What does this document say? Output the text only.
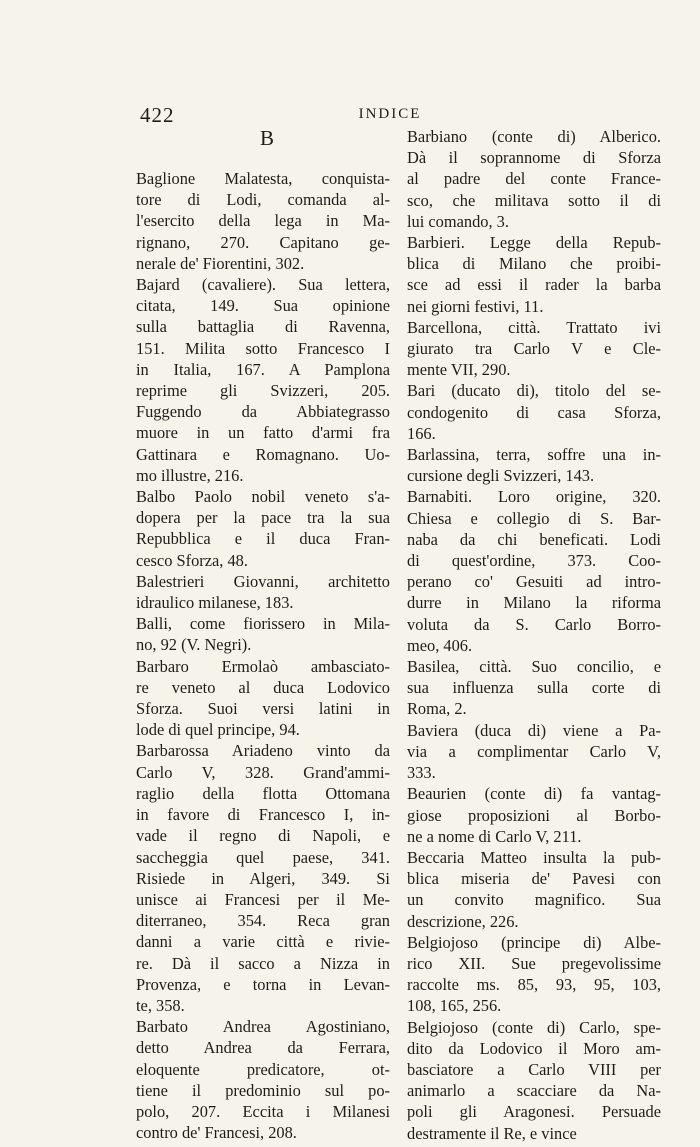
422	INDICE
B

Baglione Malatesta, conquista-
tore di Lodi, comanda al-
l'esercito della lega in Ma-
rignano, 270. Capitano ge-
nerale de' Fiorentini, 302.

Bajard (cavaliere). Sua lettera,
citata, 149. Sua opinione
sulla battaglia di Ravenna,
151. Milita sotto Francesco I
in Italia, 167. A Pamplona
reprime gli Svizzeri, 205.
Fuggendo da Abbiategrasso
muore in un fatto d'armi fra
Gattinara e Romagnano. Uo-
mo illustre, 216.

Balbo Paolo nobil veneto s'a-
dopera per la pace tra la sua
Repubblica e il duca Fran-
cesco Sforza, 48.

Balestrieri Giovanni, architetto
idraulico milanese, 183.

Balli, come fiorissero in Mila-
no, 92 (V. Negri).

Barbaro Ermolaò ambasciato-
re veneto al duca Lodovico
Sforza. Suoi versi latini in
lode di quel principe, 94.

Barbarossa Ariadeno vinto da
Carlo V, 328. Grand'ammi-
raglio della flotta Ottomana
in favore di Francesco I, in-
vade il regno di Napoli, e
saccheggia quel paese, 341.
Risiede in Algeri, 349. Si
unisce ai Francesi per il Me-
diterraneo, 354. Reca gran
danni a varie città e rivie-
re. Dà il sacco a Nizza in
Provenza, e torna in Levan-
te, 358.

Barbato Andrea Agostiniano,
detto Andrea da Ferrara,
eloquente predicatore, ot-
tiene il predominio sul po-
polo, 207. Eccita i Milanesi
contro de' Francesi, 208.

Barbiano (conte di) Alberico.
Dà il soprannome di Sforza
al padre del conte France-
sco, che militava sotto il di
lui comando, 3.

Barbieri. Legge della Repub-
blica di Milano che proibi-
sce ad essi il rader la barba
nei giorni festivi, 11.

Barcellona, città. Trattato ivi
giurato tra Carlo V e Cle-
mente VII, 290.

Bari (ducato di), titolo del se-
condogenito di casa Sforza,
166.

Barlassina, terra, soffre una in-
cursione degli Svizzeri, 143.

Barnabiti. Loro origine, 320.
Chiesa e collegio di S. Bar-
naba da chi beneficati. Lodi
di quest'ordine, 373. Coo-
perano co' Gesuiti ad intro-
durre in Milano la riforma
voluta da S. Carlo Borro-
meo, 406.

Basilea, città. Suo concilio, e
sua influenza sulla corte di
Roma, 2.

Baviera (duca di) viene a Pa-
via a complimentar Carlo V,
333.

Beaurien (conte di) fa vantag-
giose proposizioni al Borbo-
ne a nome di Carlo V, 211.

Beccaria Matteo insulta la pub-
blica miseria de' Pavesi con
un convito magnifico. Sua
descrizione, 226.

Belgiojoso (principe di) Albe-
rico XII. Sue pregevolissime
raccolte ms. 85, 93, 95, 103,
108, 165, 256.

Belgiojoso (conte di) Carlo, spe-
dito da Lodovico il Moro am-
basciatore a Carlo VIII per
animarlo a scacciare da Na-
poli gli Aragonesi. Persuade
destramente il Re, e vince
